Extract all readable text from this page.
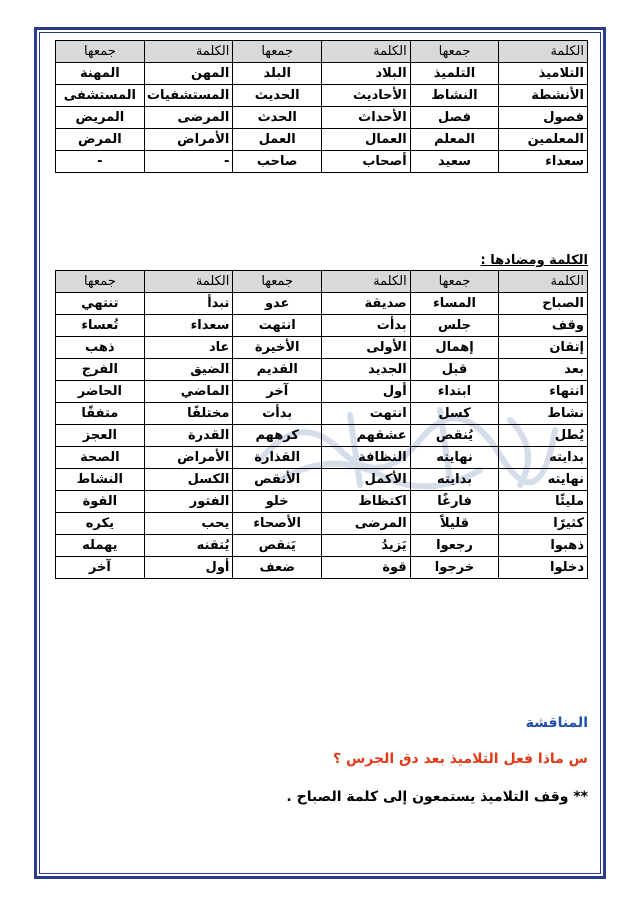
الكلمة	جمعها	الكلمة	جمعها	الكلمة	جمعها
التلاميذ	التلميذ	البلاد	البلد	المهن	المهنة
الأنشطة	النشاط	الأحاديث	الحديث	المستشفيات	المستشفى
فصول	فصل	الأحداث	الحدث	المرضى	المريض
المعلمين	المعلم	العمال	العمل	الأمراض	المرض
سعداء	سعيد	أصحاب	صاحب	-	-
الكلمة ومضادها :
الكلمة	جمعها	الكلمة	جمعها	الكلمة	جمعها
الصباح	المساء	صديقة	عدو	تبدأ	تنتهي
وقف	جلس	بدأت	انتهت	سعداء	تُعساء
إتقان	إهمال	الأولى	الأخيرة	عاد	ذهب
بعد	قبل	الجديد	القديم	الضيق	الفرج
انتهاء	ابتداء	أول	آخر	الماضي	الحاضر
نشاط	كسل	انتهت	بدأت	مختلفًا	متفقًا
يُطل	يُنقص	عشقهم	كرههم	القدرة	العجز
بدايته	نهايته	النظافة	القذارة	الأمراض	الصحة
نهايته	بدايته	الأكمل	الأنقص	الكسل	النشاط
مليئًا	فارغًا	اكتظاظ	خلو	الفتور	القوة
كثيرًا	قليلاً	المرضى	الأصحاء	يحب	يكره
ذهبوا	رجعوا	يَزيدُ	يَنقص	يُتقنه	يهمله
دخلوا	خرجوا	قوة	ضعف	أول	آخر
المناقشة
س ماذا فعل التلاميذ بعد دق الجرس ؟
** وقف التلاميذ يستمعون إلى كلمة الصباح .
